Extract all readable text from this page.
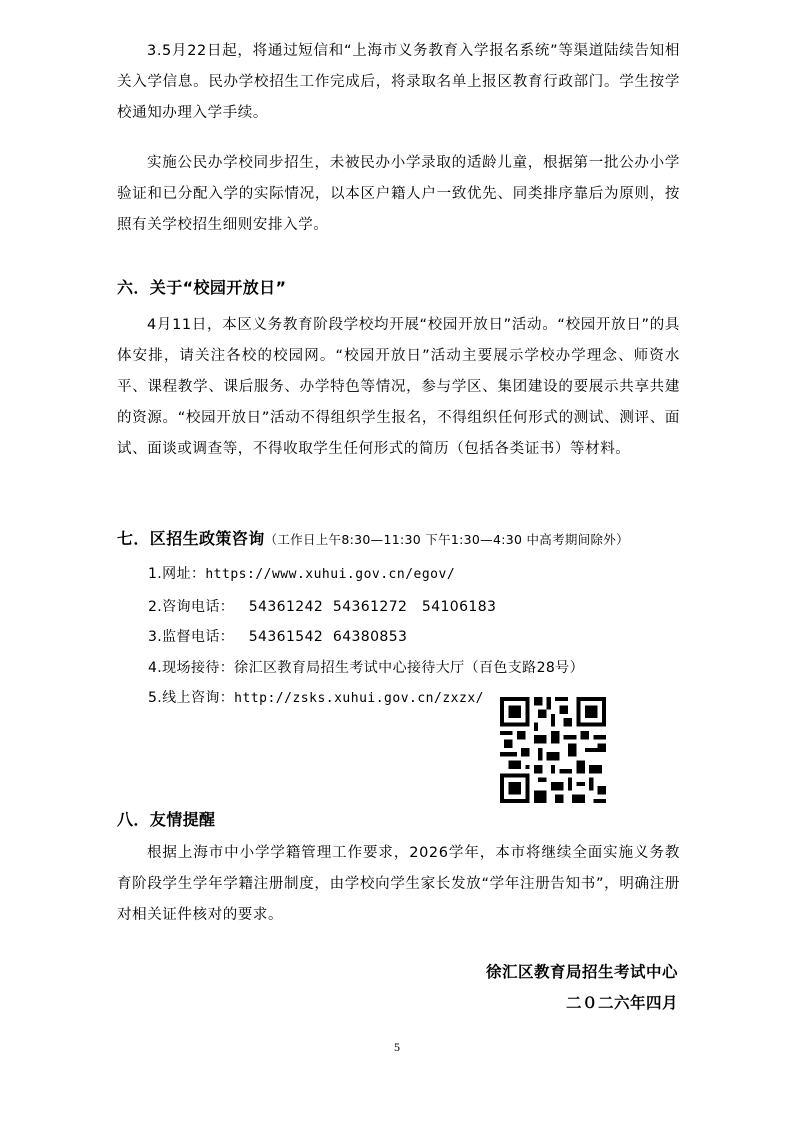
3.5月22日起，将通过短信和“上海市义务教育入学报名系统”等渠道陆续告知相关入学信息。民办学校招生工作完成后，将录取名单上报区教育行政部门。学生按学校通知办理入学手续。
实施公民办学校同步招生，未被民办小学录取的适龄儿童，根据第一批公办小学验证和已分配入学的实际情况，以本区户籍人户一致优先、同类排序靠后为原则，按照有关学校招生细则安排入学。
六．关于“校园开放日”
4月11日，本区义务教育阶段学校均开展“校园开放日”活动。“校园开放日”的具体安排，请关注各校的校园网。“校园开放日”活动主要展示学校办学理念、师资水平、课程教学、课后服务、办学特色等情况，参与学区、集团建设的要展示共享共建的资源。“校园开放日”活动不得组织学生报名，不得组织任何形式的测试、测评、面试、面谈或调查等，不得收取学生任何形式的简历（包括各类证书）等材料。
七．区招生政策咨询（工作日上午8:30—11:30 下午1:30—4:30 中高考期间除外）
1.网址：https://www.xuhui.gov.cn/egov/
2.咨询电话：   54361242  54361272   54106183
3.监督电话：   54361542  64380853
4.现场接待：徐汇区教育局招生考试中心接待大厅（百色支路28号）
5.线上咨询：http://zsks.xuhui.gov.cn/zxzx/
八．友情提醒
根据上海市中小学学籍管理工作要求，2026学年，本市将继续全面实施义务教育阶段学生学年学籍注册制度，由学校向学生家长发放“学年注册告知书”，明确注册对相关证件核对的要求。
徐汇区教育局招生考试中心
二０二六年四月
5
